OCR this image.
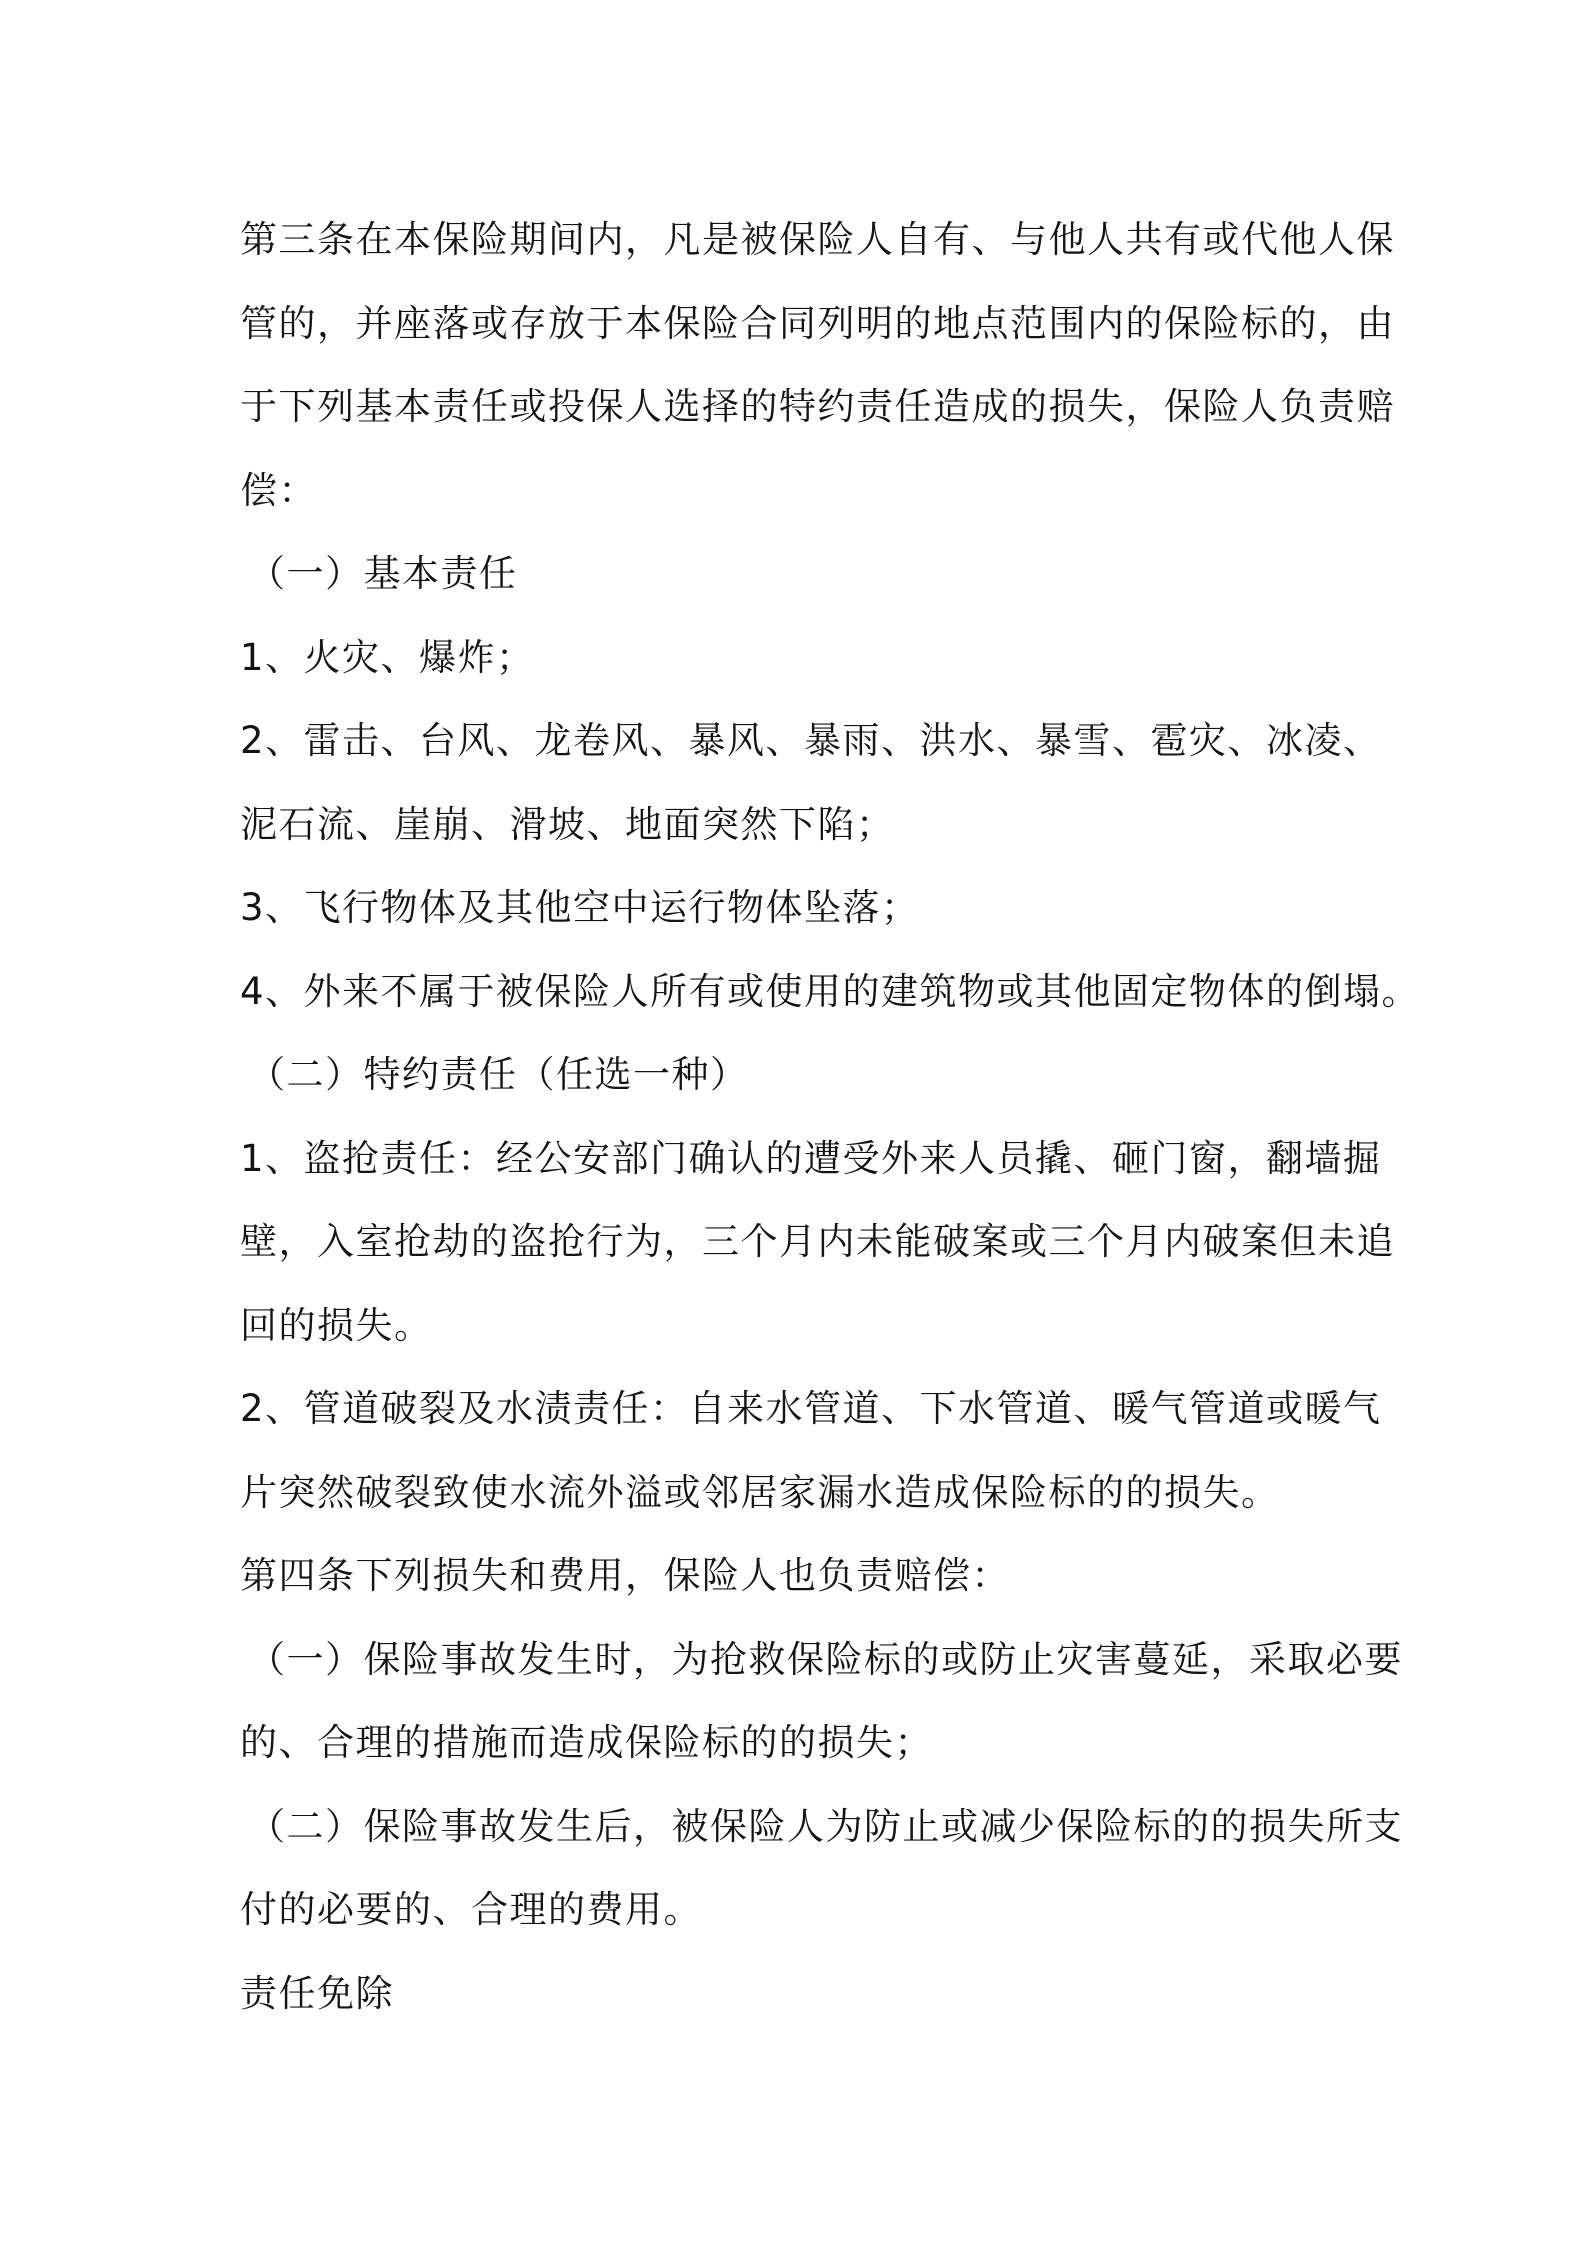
第三条在本保险期间内，凡是被保险人自有、与他人共有或代他人保
管的，并座落或存放于本保险合同列明的地点范围内的保险标的，由
于下列基本责任或投保人选择的特约责任造成的损失，保险人负责赔
偿：
（一）基本责任
1、火灾、爆炸；
2、雷击、台风、龙卷风、暴风、暴雨、洪水、暴雪、雹灾、冰凌、
泥石流、崖崩、滑坡、地面突然下陷；
3、飞行物体及其他空中运行物体坠落；
4、外来不属于被保险人所有或使用的建筑物或其他固定物体的倒塌。
（二）特约责任（任选一种）
1、盗抢责任：经公安部门确认的遭受外来人员撬、砸门窗，翻墙掘
壁，入室抢劫的盗抢行为，三个月内未能破案或三个月内破案但未追
回的损失。
2、管道破裂及水渍责任：自来水管道、下水管道、暖气管道或暖气
片突然破裂致使水流外溢或邻居家漏水造成保险标的的损失。
第四条下列损失和费用，保险人也负责赔偿：
（一）保险事故发生时，为抢救保险标的或防止灾害蔓延，采取必要
的、合理的措施而造成保险标的的损失；
（二）保险事故发生后，被保险人为防止或减少保险标的的损失所支
付的必要的、合理的费用。
责任免除
